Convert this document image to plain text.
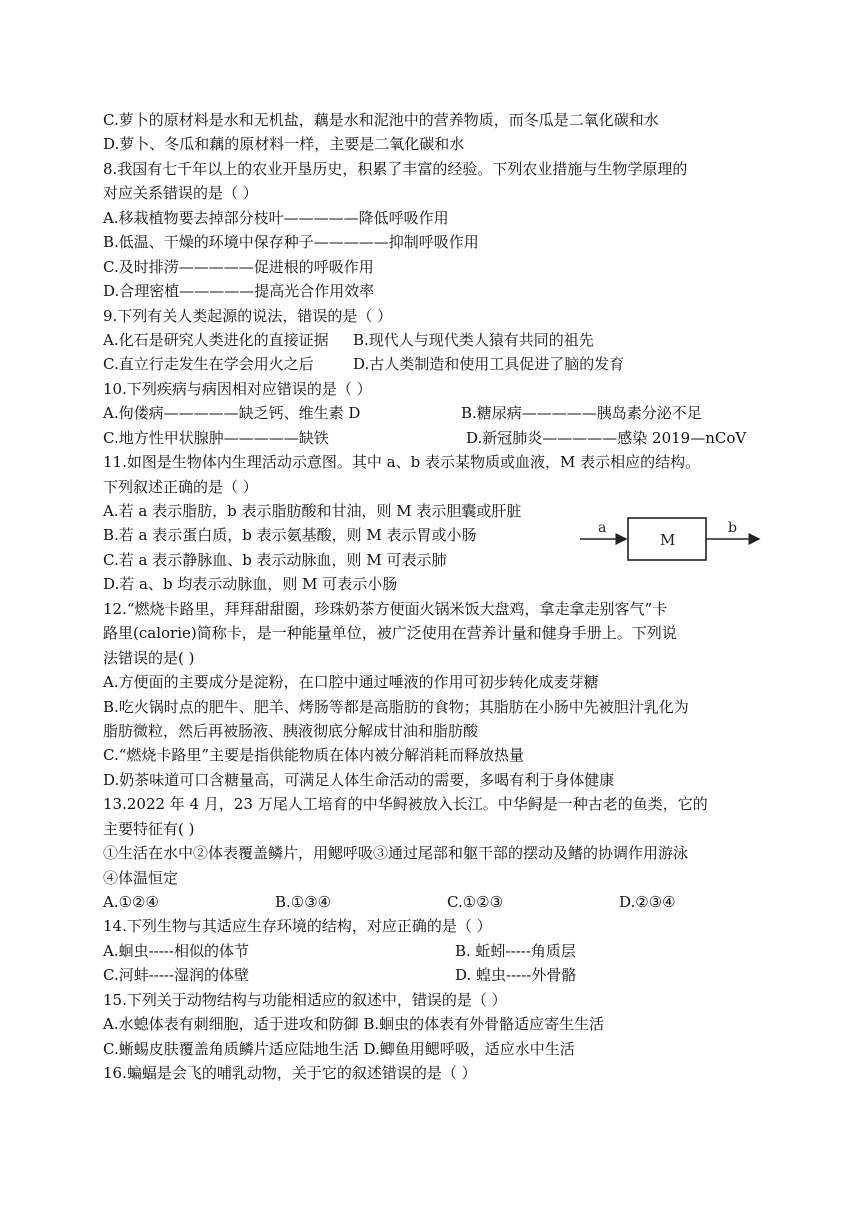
C.萝卜的原材料是水和无机盐，藕是水和泥池中的营养物质，而冬瓜是二氧化碳和水
D.萝卜、冬瓜和藕的原材料一样，主要是二氧化碳和水
8.我国有七千年以上的农业开垦历史，积累了丰富的经验。下列农业措施与生物学原理的
对应关系错误的是（ ）
A.移栽植物要去掉部分枝叶—————降低呼吸作用
B.低温、干燥的环境中保存种子—————抑制呼吸作用
C.及时排涝—————促进根的呼吸作用
D.合理密植—————提高光合作用效率
9.下列有关人类起源的说法，错误的是（ ）
A.化石是研究人类进化的直接证据	B.现代人与现代类人猿有共同的祖先
C.直立行走发生在学会用火之后	D.古人类制造和使用工具促进了脑的发育
10.下列疾病与病因相对应错误的是（ ）
A.佝偻病—————缺乏钙、维生素 D	B.糖尿病—————胰岛素分泌不足
C.地方性甲状腺肿—————缺铁	D.新冠肺炎—————感染 2019—nCoV
11.如图是生物体内生理活动示意图。其中 a、b 表示某物质或血液，M 表示相应的结构。
下列叙述正确的是（ ）
A.若 a 表示脂肪，b 表示脂肪酸和甘油，则 M 表示胆囊或肝脏
B.若 a 表示蛋白质，b 表示氨基酸，则 M 表示胃或小肠
C.若 a 表示静脉血、b 表示动脉血，则 M 可表示肺
D.若 a、b 均表示动脉血，则 M 可表示小肠
12.“燃烧卡路里，拜拜甜甜圈，珍珠奶茶方便面火锅米饭大盘鸡，拿走拿走别客气”卡
路里(calorie)简称卡，是一种能量单位，被广泛使用在营养计量和健身手册上。下列说
法错误的是( )
A.方便面的主要成分是淀粉，在口腔中通过唾液的作用可初步转化成麦芽糖
B.吃火锅时点的肥牛、肥羊、烤肠等都是高脂肪的食物；其脂肪在小肠中先被胆汁乳化为
脂肪微粒，然后再被肠液、胰液彻底分解成甘油和脂肪酸
C.“燃烧卡路里”主要是指供能物质在体内被分解消耗而释放热量
D.奶茶味道可口含糖量高，可满足人体生命活动的需要，多喝有利于身体健康
13.2022 年 4 月，23 万尾人工培育的中华鲟被放入长江。中华鲟是一种古老的鱼类，它的
主要特征有( )
①生活在水中②体表覆盖鳞片，用鳃呼吸③通过尾部和躯干部的摆动及鳍的协调作用游泳
④体温恒定
A.①②④	B.①③④	C.①②③	D.②③④
14.下列生物与其适应生存环境的结构，对应正确的是（ ）
A.蛔虫-----相似的体节	B. 蚯蚓-----角质层
C.河蚌-----湿润的体壁	D. 蝗虫-----外骨骼
15.下列关于动物结构与功能相适应的叙述中，错误的是（ ）
A.水螅体表有刺细胞，适于进攻和防御 B.蛔虫的体表有外骨骼适应寄生生活
C.蜥蜴皮肤覆盖角质鳞片适应陆地生活 D.鲫鱼用鳃呼吸，适应水中生活
16.蝙蝠是会飞的哺乳动物，关于它的叙述错误的是（ ）
a
M
b
